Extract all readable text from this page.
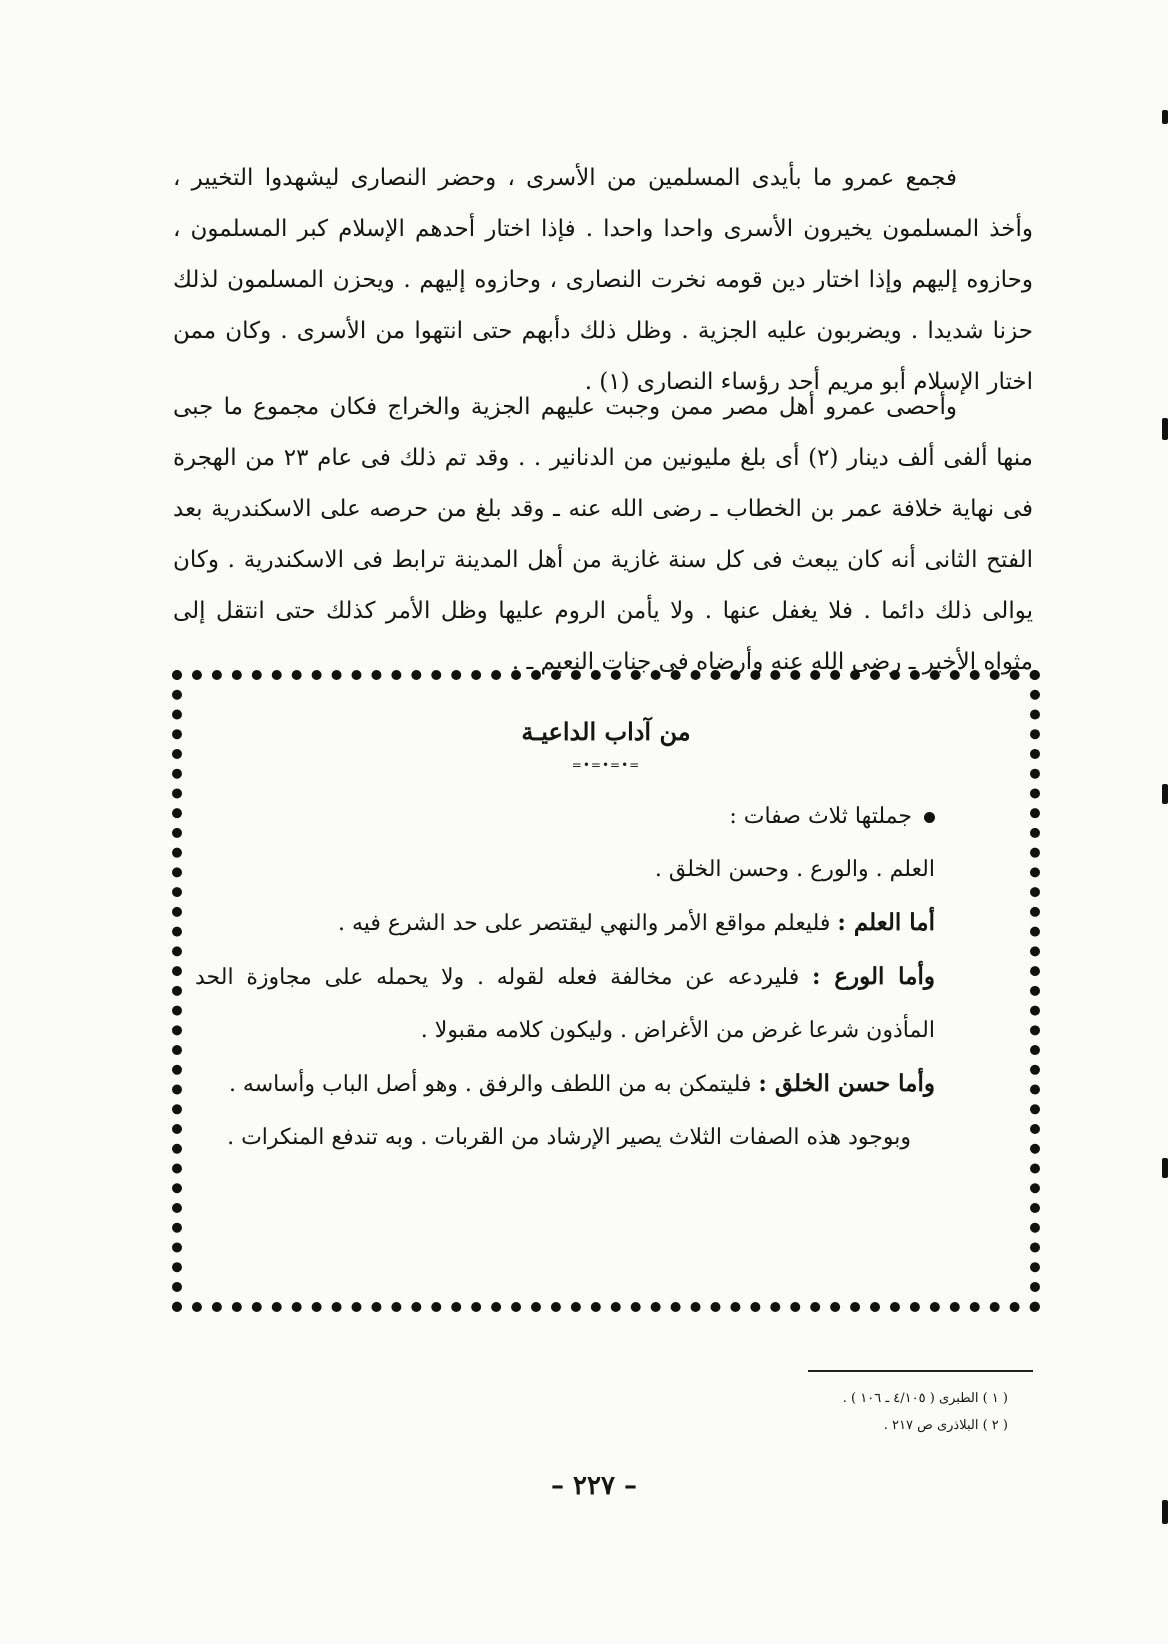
فجمع عمرو ما بأيدى المسلمين من الأسرى ، وحضر النصارى ليشهدوا التخيير ، وأخذ المسلمون يخيرون الأسرى واحدا واحدا . فإذا اختار أحدهم الإسلام كبر المسلمون ، وحازوه إليهم وإذا اختار دين قومه نخرت النصارى ، وحازوه إليهم . ويحزن المسلمون لذلك حزنا شديدا . ويضربون عليه الجزية . وظل ذلك دأبهم حتى انتهوا من الأسرى . وكان ممن اختار الإسلام أبو مريم أحد رؤساء النصارى (١) .

وأحصى عمرو أهل مصر ممن وجبت عليهم الجزية والخراج فكان مجموع ما جبى منها ألفى ألف دينار (٢) أى بلغ مليونين من الدنانير . . وقد تم ذلك فى عام ٢٣ من الهجرة فى نهاية خلافة عمر بن الخطاب ـ رضى الله عنه ـ وقد بلغ من حرصه على الاسكندرية بعد الفتح الثانى أنه كان يبعث فى كل سنة غازية من أهل المدينة ترابط فى الاسكندرية . وكان يوالى ذلك دائما . فلا يغفل عنها . ولا يأمن الروم عليها وظل الأمر كذلك حتى انتقل إلى مثواه الأخير ـ رضى الله عنه وأرضاه فى جنات النعيم ـ .

من آداب الداعيـة
=•=•=•=

جملتها ثلاث صفات :

العلم . والورع . وحسن الخلق .

أما العلم : فليعلم مواقع الأمر والنهي ليقتصر على حد الشرع فيه .

وأما الورع : فليردعه عن مخالفة فعله لقوله . ولا يحمله على مجاوزة الحد المأذون شرعا غرض من الأغراض . وليكون كلامه مقبولا .

وأما حسن الخلق : فليتمكن به من اللطف والرفق . وهو أصل الباب وأساسه .

وبوجود هذه الصفات الثلاث يصير الإرشاد من القربات . وبه تندفع المنكرات .

( ١ ) الطبرى ( ٤/١٠٥ ـ ١٠٦ ) .

( ٢ ) البلاذرى ص ٢١٧ .

– ٢٢٧ –
